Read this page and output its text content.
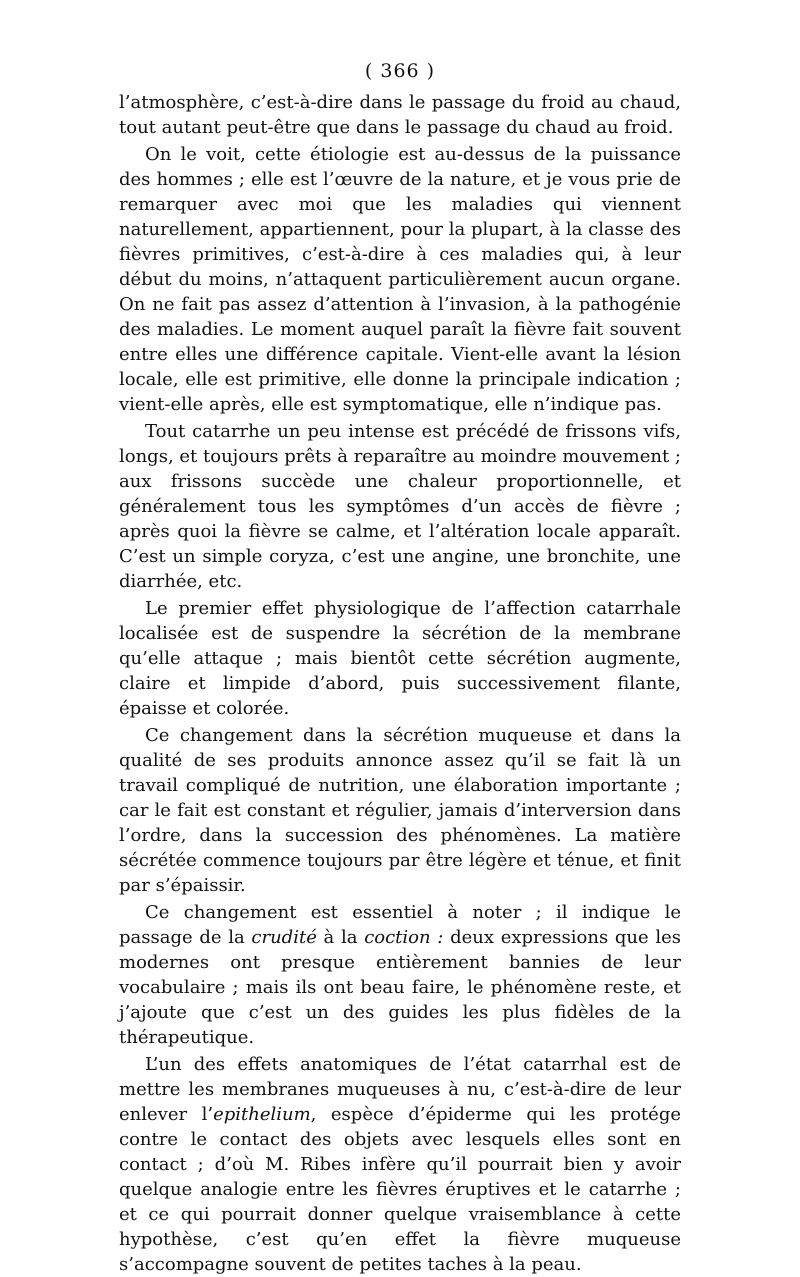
( 366 )

l’atmosphère, c’est-à-dire dans le passage du froid au chaud, tout autant peut-être que dans le passage du chaud au froid.

On le voit, cette étiologie est au-dessus de la puissance des hommes ; elle est l’œuvre de la nature, et je vous prie de remarquer avec moi que les maladies qui viennent naturellement, appartiennent, pour la plupart, à la classe des fièvres primitives, c’est-à-dire à ces maladies qui, à leur début du moins, n’attaquent particulièrement aucun organe. On ne fait pas assez d’attention à l’invasion, à la pathogénie des maladies. Le moment auquel paraît la fièvre fait souvent entre elles une différence capitale. Vient-elle avant la lésion locale, elle est primitive, elle donne la principale indication ; vient-elle après, elle est symptomatique, elle n’indique pas.

Tout catarrhe un peu intense est précédé de frissons vifs, longs, et toujours prêts à reparaître au moindre mouvement ; aux frissons succède une chaleur proportionnelle, et généralement tous les symptômes d’un accès de fièvre ; après quoi la fièvre se calme, et l’altération locale apparaît. C’est un simple coryza, c’est une angine, une bronchite, une diarrhée, etc.

Le premier effet physiologique de l’affection catarrhale localisée est de suspendre la sécrétion de la membrane qu’elle attaque ; mais bientôt cette sécrétion augmente, claire et limpide d’abord, puis successivement filante, épaisse et colorée.

Ce changement dans la sécrétion muqueuse et dans la qualité de ses produits annonce assez qu’il se fait là un travail compliqué de nutrition, une élaboration importante ; car le fait est constant et régulier, jamais d’interversion dans l’ordre, dans la succession des phénomènes. La matière sécrétée commence toujours par être légère et ténue, et finit par s’épaissir.

Ce changement est essentiel à noter ; il indique le passage de la crudité à la coction : deux expressions que les modernes ont presque entièrement bannies de leur vocabulaire ; mais ils ont beau faire, le phénomène reste, et j’ajoute que c’est un des guides les plus fidèles de la thérapeutique.

L’un des effets anatomiques de l’état catarrhal est de mettre les membranes muqueuses à nu, c’est-à-dire de leur enlever l’epithelium, espèce d’épiderme qui les protége contre le contact des objets avec lesquels elles sont en contact ; d’où M. Ribes infère qu’il pourrait bien y avoir quelque analogie entre les fièvres éruptives et le catarrhe ; et ce qui pourrait donner quelque vraisemblance à cette hypothèse, c’est qu’en effet la fièvre muqueuse s’accompagne souvent de petites taches à la peau.
